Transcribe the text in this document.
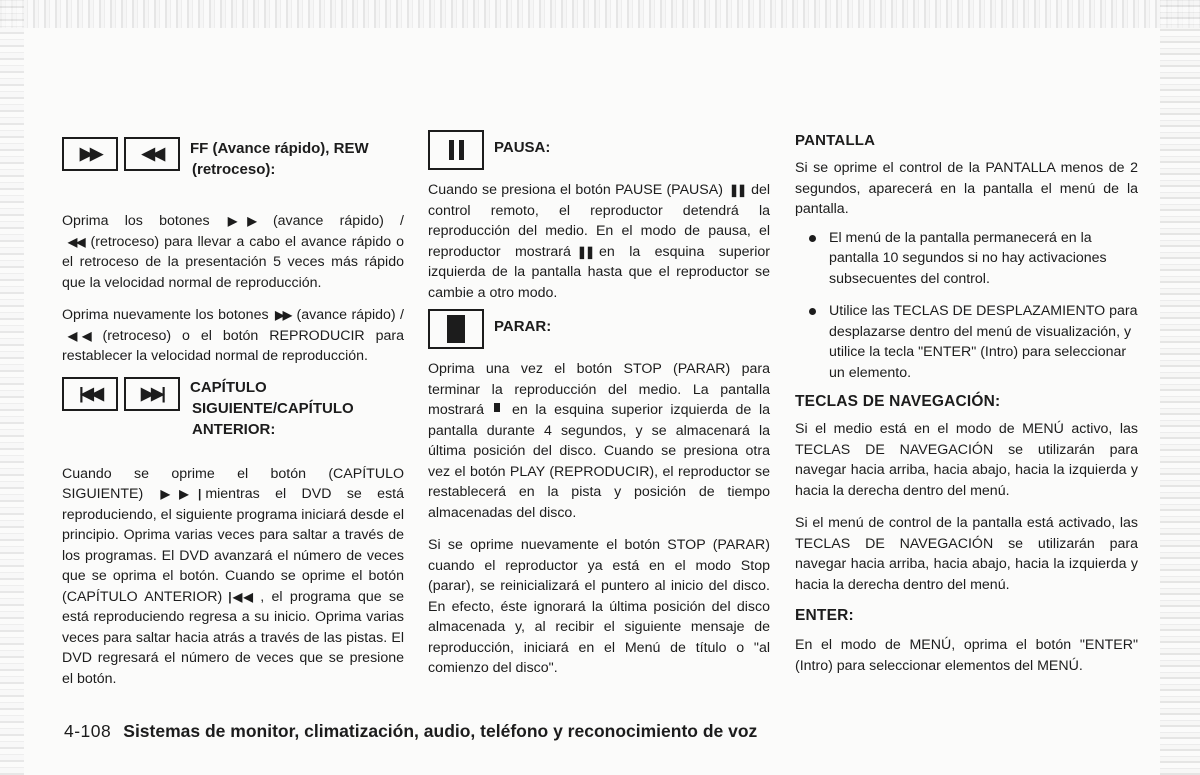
▶▶ ◀◀ FF (Avance rápido), REW
(retroceso):

Oprima los botones ▶▶ (avance rápido) /◀◀ (retroceso) para llevar a cabo el avance rápido o el retroceso de la presentación 5 veces más rápido que la velocidad normal de reproducción.

Oprima nuevamente los botones ▶▶ (avance rápido) /◀◀ (retroceso) o el botón REPRODUCIR para restablecer la velocidad normal de reproducción.

|◀◀ ▶▶| CAPÍTULO
SIGUIENTE/CAPÍTULO
ANTERIOR:

Cuando se oprime el botón (CAPÍTULO SIGUIENTE) ▶▶| mientras el DVD se está reproduciendo, el siguiente programa iniciará desde el principio. Oprima varias veces para saltar a través de los programas. El DVD avanzará el número de veces que se oprima el botón. Cuando se oprime el botón (CAPÍTULO ANTERIOR) |◀◀ , el programa que se está reproduciendo regresa a su inicio. Oprima varias veces para saltar hacia atrás a través de las pistas. El DVD regresará el número de veces que se presione el botón.

PAUSA:

Cuando se presiona el botón PAUSE (PAUSA) ❚❚ del control remoto, el reproductor detendrá la reproducción del medio. En el modo de pausa, el reproductor mostrará ❚❚ en la esquina superior izquierda de la pantalla hasta que el reproductor se cambie a otro modo.

PARAR:

Oprima una vez el botón STOP (PARAR) para terminar la reproducción del medio. La pantalla mostrará en la esquina superior izquierda de la pantalla durante 4 segundos, y se almacenará la última posición del disco. Cuando se presiona otra vez el botón PLAY (REPRODUCIR), el reproductor se restablecerá en la pista y posición de tiempo almacenadas del disco.

Si se oprime nuevamente el botón STOP (PARAR) cuando el reproductor ya está en el modo Stop (parar), se reinicializará el puntero al inicio del disco. En efecto, éste ignorará la última posición del disco almacenada y, al recibir el siguiente mensaje de reproducción, iniciará en el Menú de título o "al comienzo del disco".

PANTALLA

Si se oprime el control de la PANTALLA menos de 2 segundos, aparecerá en la pantalla el menú de la pantalla.

El menú de la pantalla permanecerá en la pantalla 10 segundos si no hay activaciones subsecuentes del control.
Utilice las TECLAS DE DESPLAZAMIENTO para desplazarse dentro del menú de visualización, y utilice la tecla "ENTER" (Intro) para seleccionar un elemento.
TECLAS DE NAVEGACIÓN:

Si el medio está en el modo de MENÚ activo, las TECLAS DE NAVEGACIÓN se utilizarán para navegar hacia arriba, hacia abajo, hacia la izquierda y hacia la derecha dentro del menú.

Si el menú de control de la pantalla está activado, las TECLAS DE NAVEGACIÓN se utilizarán para navegar hacia arriba, hacia abajo, hacia la izquierda y hacia la derecha dentro del menú.

ENTER:

En el modo de MENÚ, oprima el botón "ENTER" (Intro) para seleccionar elementos del MENÚ.

4-108 Sistemas de monitor, climatización, audio, teléfono y reconocimiento de voz
